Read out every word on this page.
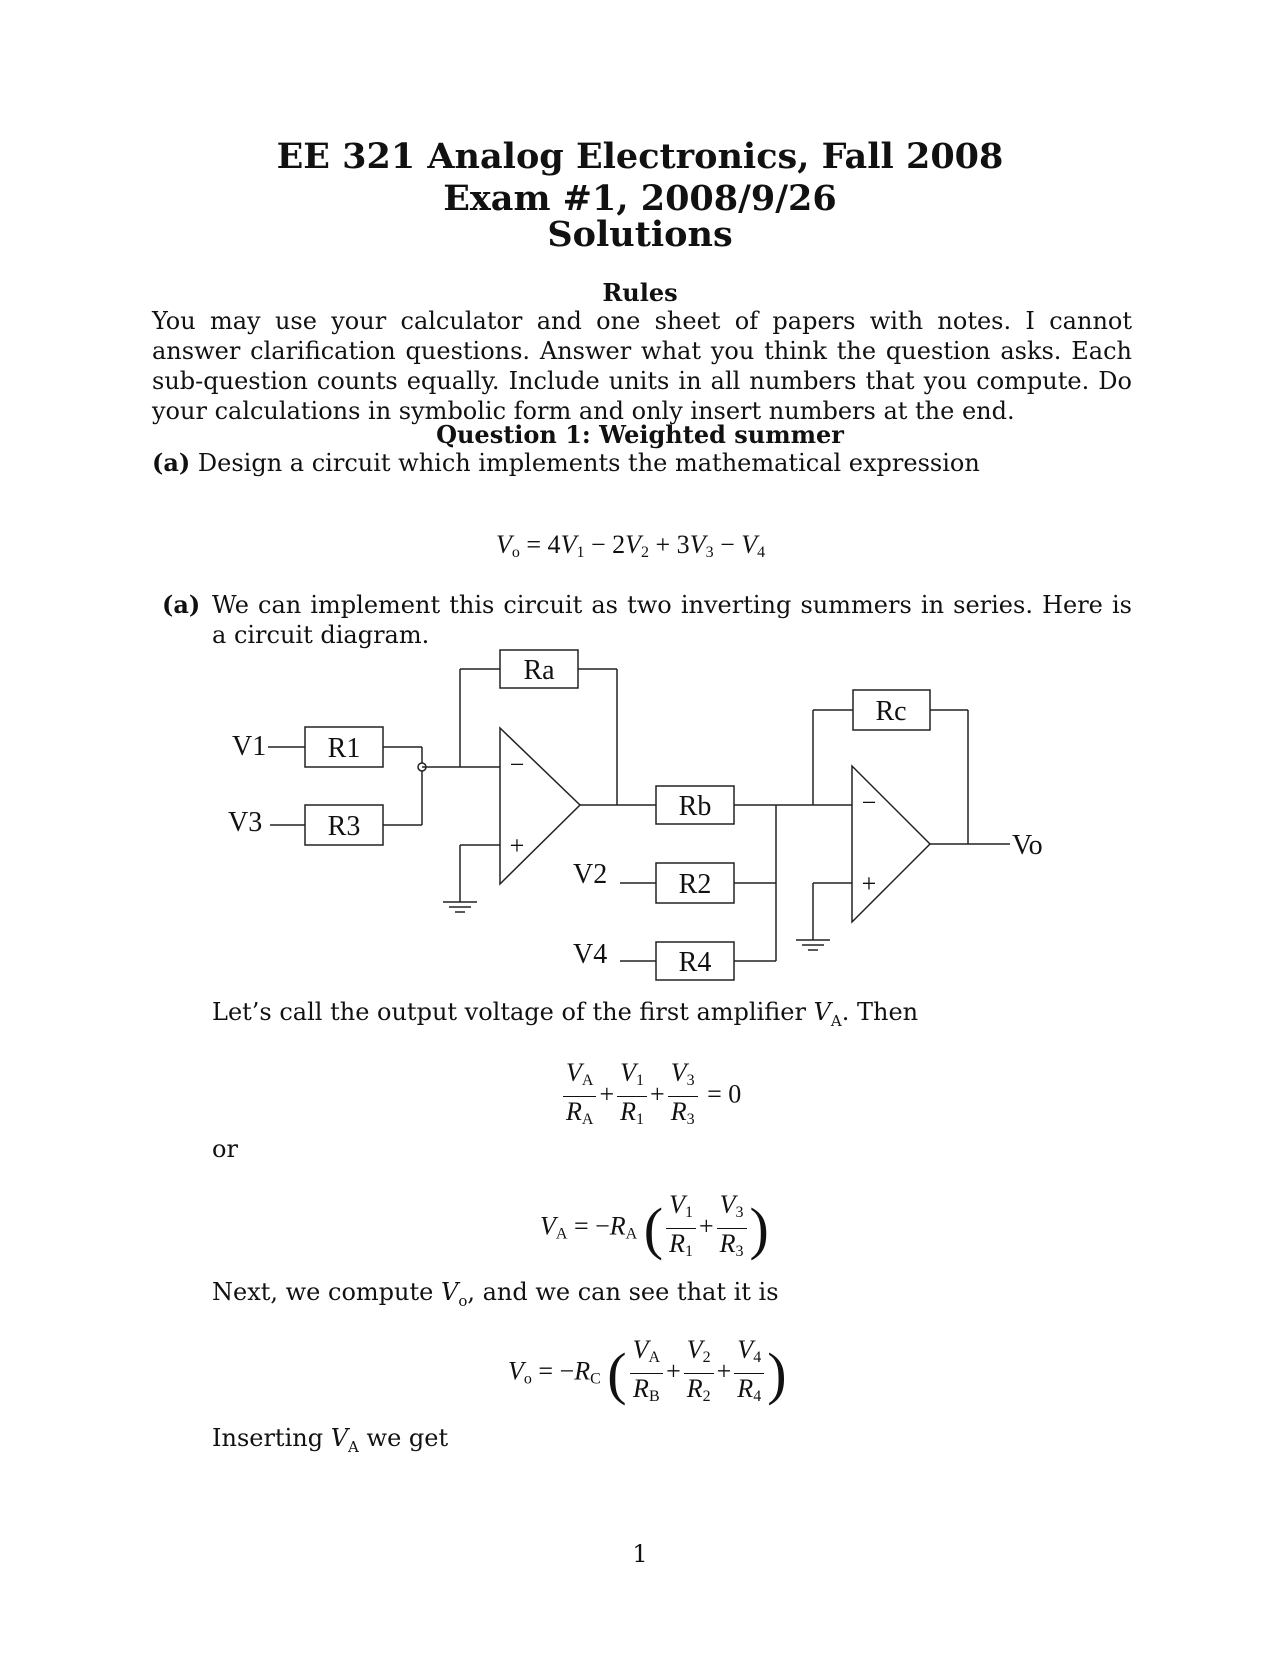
EE 321 Analog Electronics, Fall 2008
Exam #1, 2008/9/26
Solutions
Rules
You may use your calculator and one sheet of papers with notes. I cannot answer clarification questions. Answer what you think the question asks. Each sub-question counts equally. Include units in all numbers that you compute. Do your calculations in symbolic form and only insert numbers at the end.
Question 1: Weighted summer
(a) Design a circuit which implements the mathematical expression
$V_o = 4V_1 - 2V_2 + 3V_3 - V_4$
(a) We can implement this circuit as two inverting summers in series. Here is a circuit diagram.
Ra
R1
R3
Rb
R2
R4
Rc
V1
V3
V2
V4
Vo
−
+
−
+
Let’s call the output voltage of the first amplifier $V_A$. Then
$\frac{V_A}{R_A} + \frac{V_1}{R_1} + \frac{V_3}{R_3} = 0$
or
$V_A = -R_A$ ( $\frac{V_1}{R_1} + \frac{V_3}{R_3}$ )
Next, we compute $V_o$, and we can see that it is
$V_o = -R_C$ ( $\frac{V_A}{R_B} + \frac{V_2}{R_2} + \frac{V_4}{R_4}$ )
Inserting $V_A$ we get
1
